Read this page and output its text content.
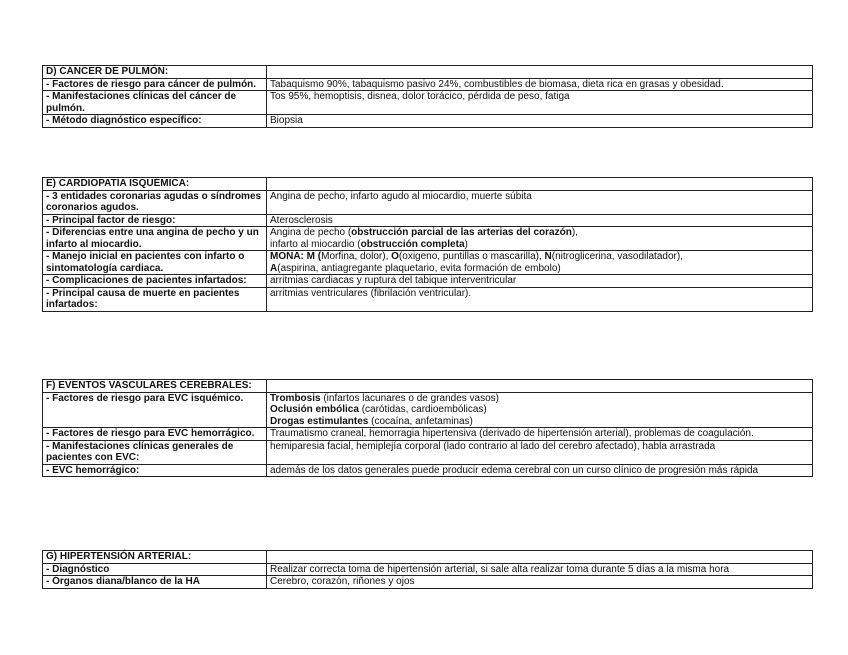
D) CÁNCER DE PULMÓN:	
- Factores de riesgo para cáncer de pulmón.	Tabaquismo 90%, tabaquismo pasivo 24%, combustibles de biomasa, dieta rica en grasas y obesidad.
- Manifestaciones clínicas del cáncer de pulmón.	Tos 95%, hemoptisis, disnea, dolor torácico, pérdida de peso, fatiga
- Método diagnóstico específico:	Biopsia
E) CARDIOPATÍA ISQUÉMICA:	
- 3 entidades coronarias agudas o síndromes coronarios agudos.	Angina de pecho, infarto agudo al miocardio, muerte súbita
- Principal factor de riesgo:	Aterosclerosis
- Diferencias entre una angina de pecho y un infarto al miocardio.	Angina de pecho (obstrucción parcial de las arterias del corazón),
infarto al miocardio (obstrucción completa)
- Manejo inicial en pacientes con infarto o sintomatología cardiaca.	MONA: M (Morfina, dolor), O(oxigeno, puntillas o mascarilla), N(nitroglicerina, vasodilatador),
A(aspirina, antiagregante plaquetario, evita formación de embolo)
- Complicaciones de pacientes infartados:	arritmias cardiacas y ruptura del tabique interventricular
- Principal causa de muerte en pacientes infartados:	arritmias ventriculares (fibrilación ventricular).
F) EVENTOS VASCULARES CEREBRALES:	
- Factores de riesgo para EVC isquémico.	Trombosis (infartos lacunares o de grandes vasos)
Oclusión embólica (carótidas, cardioembólicas)
Drogas estimulantes (cocaína, anfetaminas)
- Factores de riesgo para EVC hemorrágico.	Traumatismo craneal, hemorragia hipertensiva (derivado de hipertensión arterial), problemas de coagulación.
- Manifestaciones clínicas generales de pacientes con EVC:	hemiparesia facial, hemiplejía corporal (lado contrario al lado del cerebro afectado), habla arrastrada
- EVC hemorrágico:	además de los datos generales puede producir edema cerebral con un curso clínico de progresión más rápida
G) HIPERTENSIÓN ARTERIAL:	
- Diagnóstico	Realizar correcta toma de hipertensión arterial, si sale alta realizar toma durante 5 días a la misma hora
- Órganos diana/blanco de la HA	Cerebro, corazón, riñones y ojos
